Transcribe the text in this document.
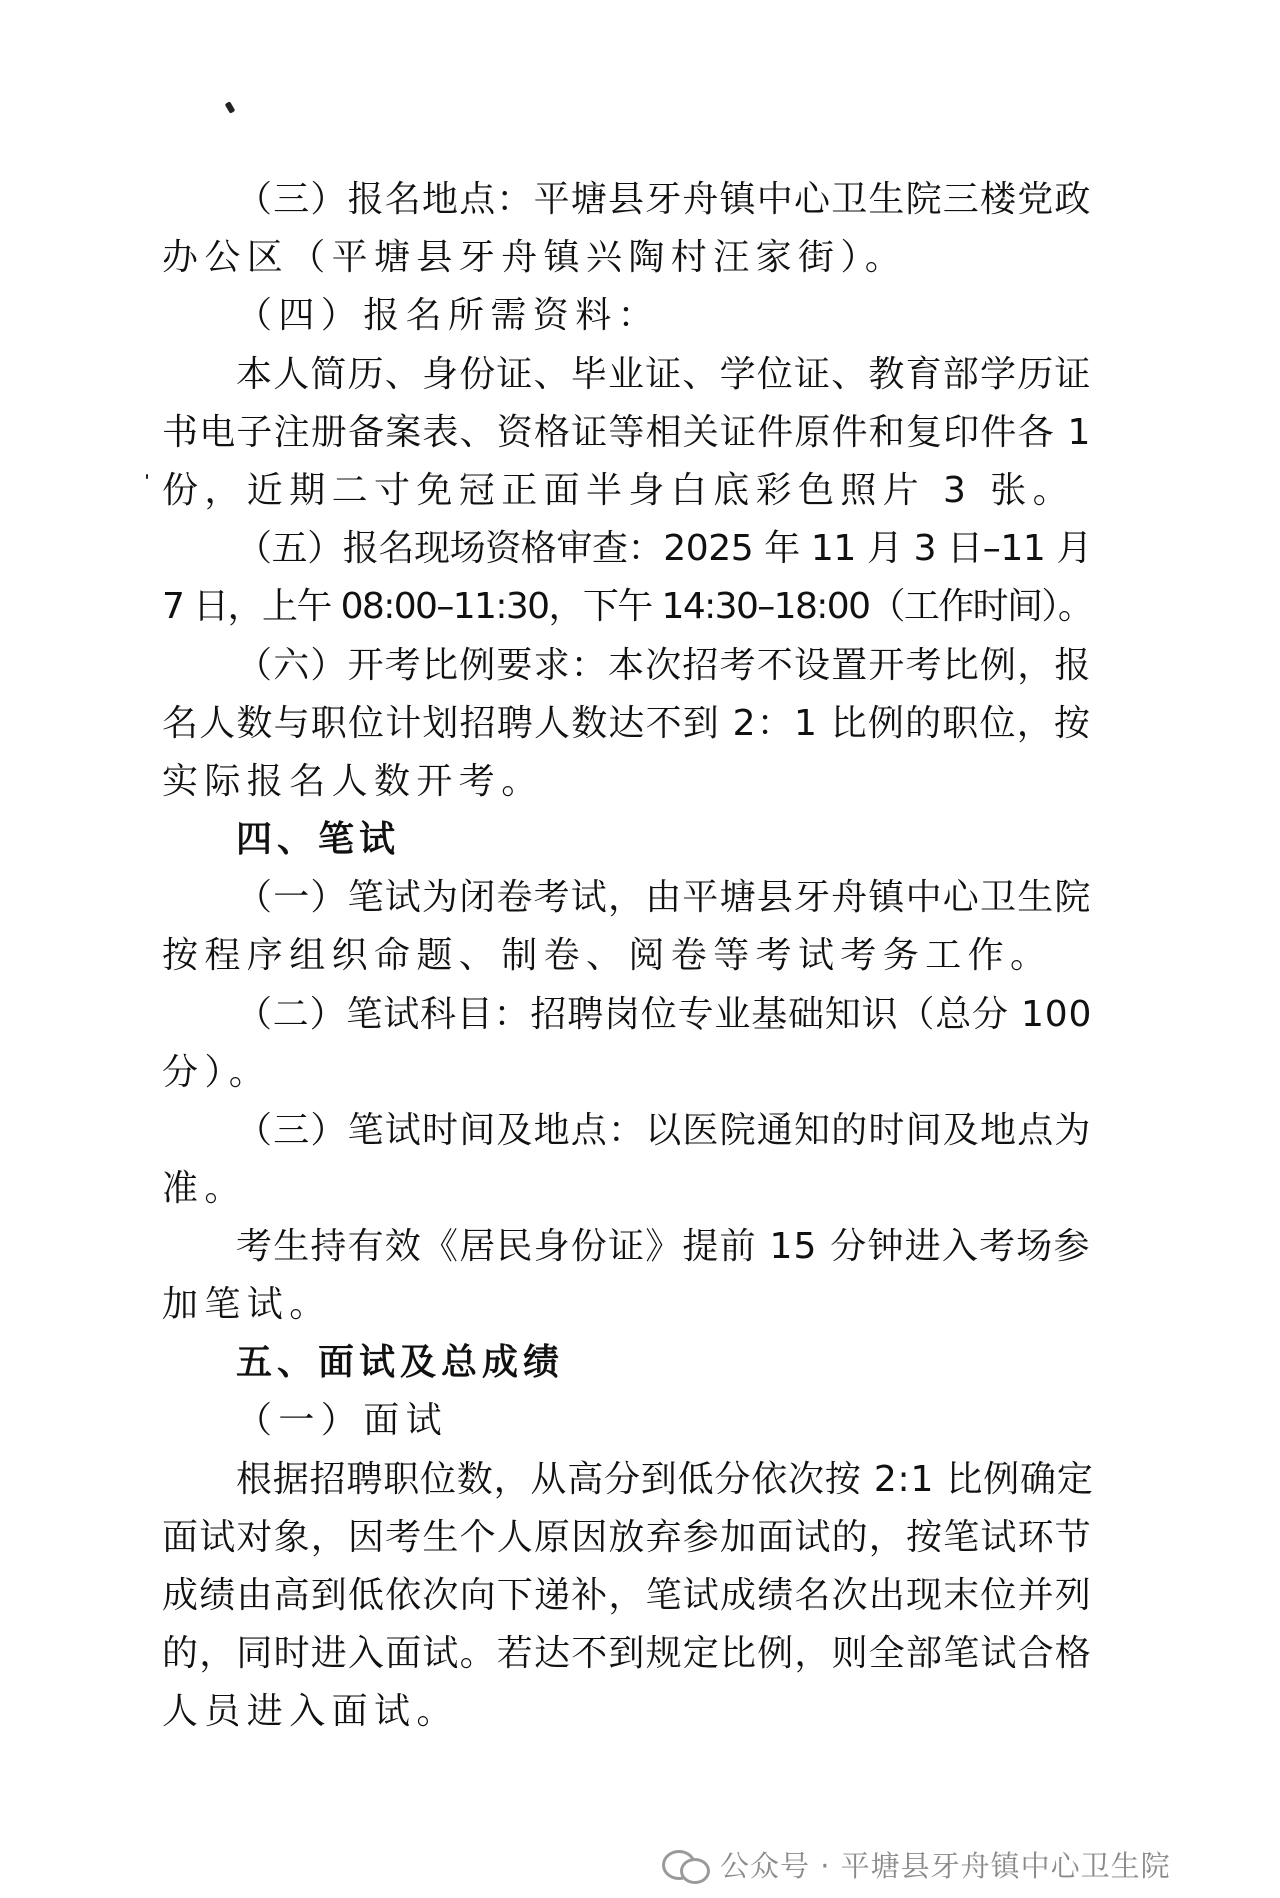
（三）报名地点：平塘县牙舟镇中心卫生院三楼党政
办公区（平塘县牙舟镇兴陶村汪家街）。
（四）报名所需资料：
本人简历、身份证、毕业证、学位证、教育部学历证
书电子注册备案表、资格证等相关证件原件和复印件各 1
份，近期二寸免冠正面半身白底彩色照片 3 张。
（五）报名现场资格审查：2025 年 11 月 3 日–11 月
7 日，上午 08:00–11:30，下午 14:30–18:00（工作时间）。
（六）开考比例要求：本次招考不设置开考比例，报
名人数与职位计划招聘人数达不到 2：1 比例的职位，按
实际报名人数开考。
四、笔试
（一）笔试为闭卷考试，由平塘县牙舟镇中心卫生院
按程序组织命题、制卷、阅卷等考试考务工作。
（二）笔试科目：招聘岗位专业基础知识（总分 100
分）。
（三）笔试时间及地点：以医院通知的时间及地点为
准。
考生持有效《居民身份证》提前 15 分钟进入考场参
加笔试。
五、面试及总成绩
（一）面试
根据招聘职位数，从高分到低分依次按 2:1 比例确定
面试对象，因考生个人原因放弃参加面试的，按笔试环节
成绩由高到低依次向下递补，笔试成绩名次出现末位并列
的，同时进入面试。若达不到规定比例，则全部笔试合格
人员进入面试。
公众号 · 平塘县牙舟镇中心卫生院
